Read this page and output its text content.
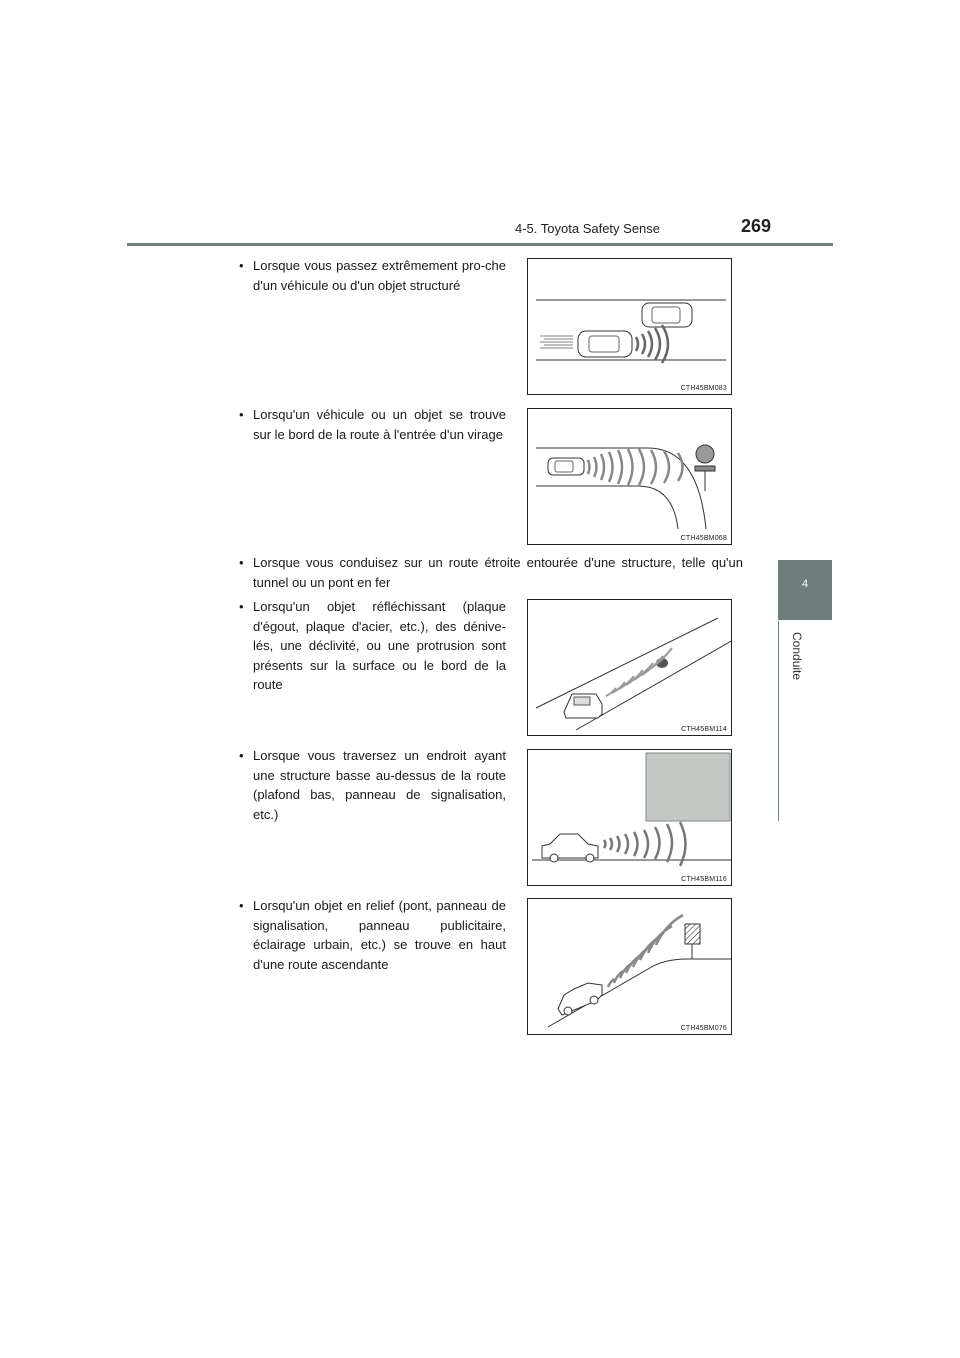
4-5. Toyota Safety Sense	269
4
Conduite
• Lorsque vous passez extrêmement pro-che d'un véhicule ou d'un objet structuré
CTH45BM083
• Lorsqu'un véhicule ou un objet se trouve sur le bord de la route à l'entrée d'un virage
CTH45BM068
• Lorsque vous conduisez sur un route étroite entourée d'une structure, telle qu'un tunnel ou un pont en fer
• Lorsqu'un objet réfléchissant (plaque d'égout, plaque d'acier, etc.), des dénive-lés, une déclivité, ou une protrusion sont présents sur la surface ou le bord de la route
CTH45BM114
• Lorsque vous traversez un endroit ayant une structure basse au-dessus de la route (plafond bas, panneau de signalisation, etc.)
CTH45BM116
• Lorsqu'un objet en relief (pont, panneau de signalisation, panneau publicitaire, éclairage urbain, etc.) se trouve en haut d'une route ascendante
CTH45BM076
